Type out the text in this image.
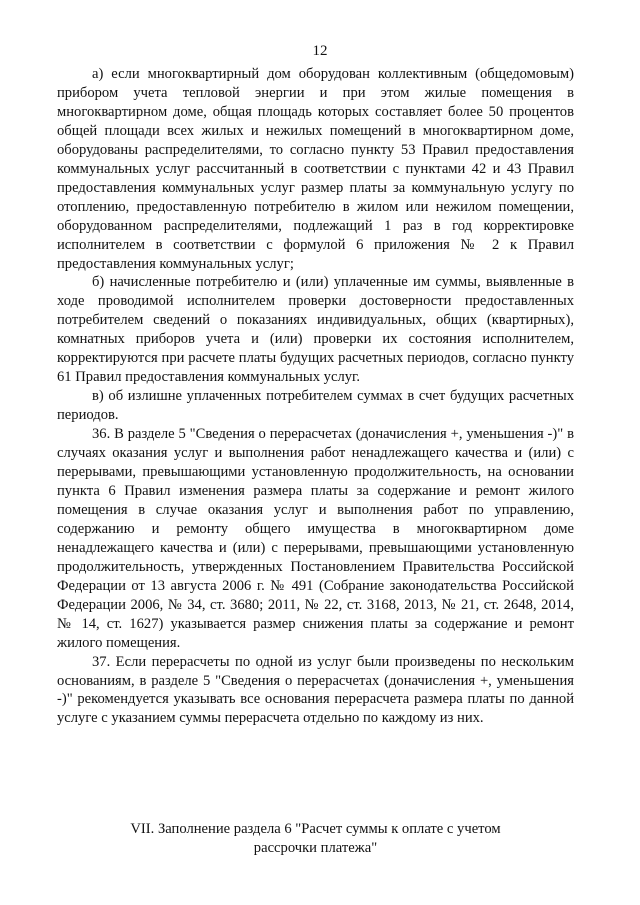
12

а) если многоквартирный дом оборудован коллективным (общедомовым) прибором учета тепловой энергии и при этом жилые помещения в многоквартирном доме, общая площадь которых составляет более 50 процентов общей площади всех жилых и нежилых помещений в многоквартирном доме, оборудованы распределителями, то согласно пункту 53 Правил предоставления коммунальных услуг рассчитанный в соответствии с пунктами 42 и 43 Правил предоставления коммунальных услуг размер платы за коммунальную услугу по отоплению, предоставленную потребителю в жилом или нежилом помещении, оборудованном распределителями, подлежащий 1 раз в год корректировке исполнителем в соответствии с формулой 6 приложения № 2 к Правил предоставления коммунальных услуг;

б) начисленные потребителю и (или) уплаченные им суммы, выявленные в ходе проводимой исполнителем проверки достоверности предоставленных потребителем сведений о показаниях индивидуальных, общих (квартирных), комнатных приборов учета и (или) проверки их состояния исполнителем, корректируются при расчете платы будущих расчетных периодов, согласно пункту 61 Правил предоставления коммунальных услуг.

в) об излишне уплаченных потребителем суммах в счет будущих расчетных периодов.

36. В разделе 5 "Сведения о перерасчетах (доначисления +, уменьшения -)" в случаях оказания услуг и выполнения работ ненадлежащего качества и (или) с перерывами, превышающими установленную продолжительность, на основании пункта 6 Правил изменения размера платы за содержание и ремонт жилого помещения в случае оказания услуг и выполнения работ по управлению, содержанию и ремонту общего имущества в многоквартирном доме ненадлежащего качества и (или) с перерывами, превышающими установленную продолжительность, утвержденных Постановлением Правительства Российской Федерации от 13 августа 2006 г. № 491 (Собрание законодательства Российской Федерации 2006, № 34, ст. 3680; 2011, № 22, ст. 3168, 2013, № 21, ст. 2648, 2014, № 14, ст. 1627) указывается размер снижения платы за содержание и ремонт жилого помещения.

37. Если перерасчеты по одной из услуг были произведены по нескольким основаниям, в разделе 5 "Сведения о перерасчетах (доначисления +, уменьшения -)" рекомендуется указывать все основания перерасчета размера платы по данной услуге с указанием суммы перерасчета отдельно по каждому из них.

VII. Заполнение раздела 6 "Расчет суммы к оплате с учетом
рассрочки платежа"
